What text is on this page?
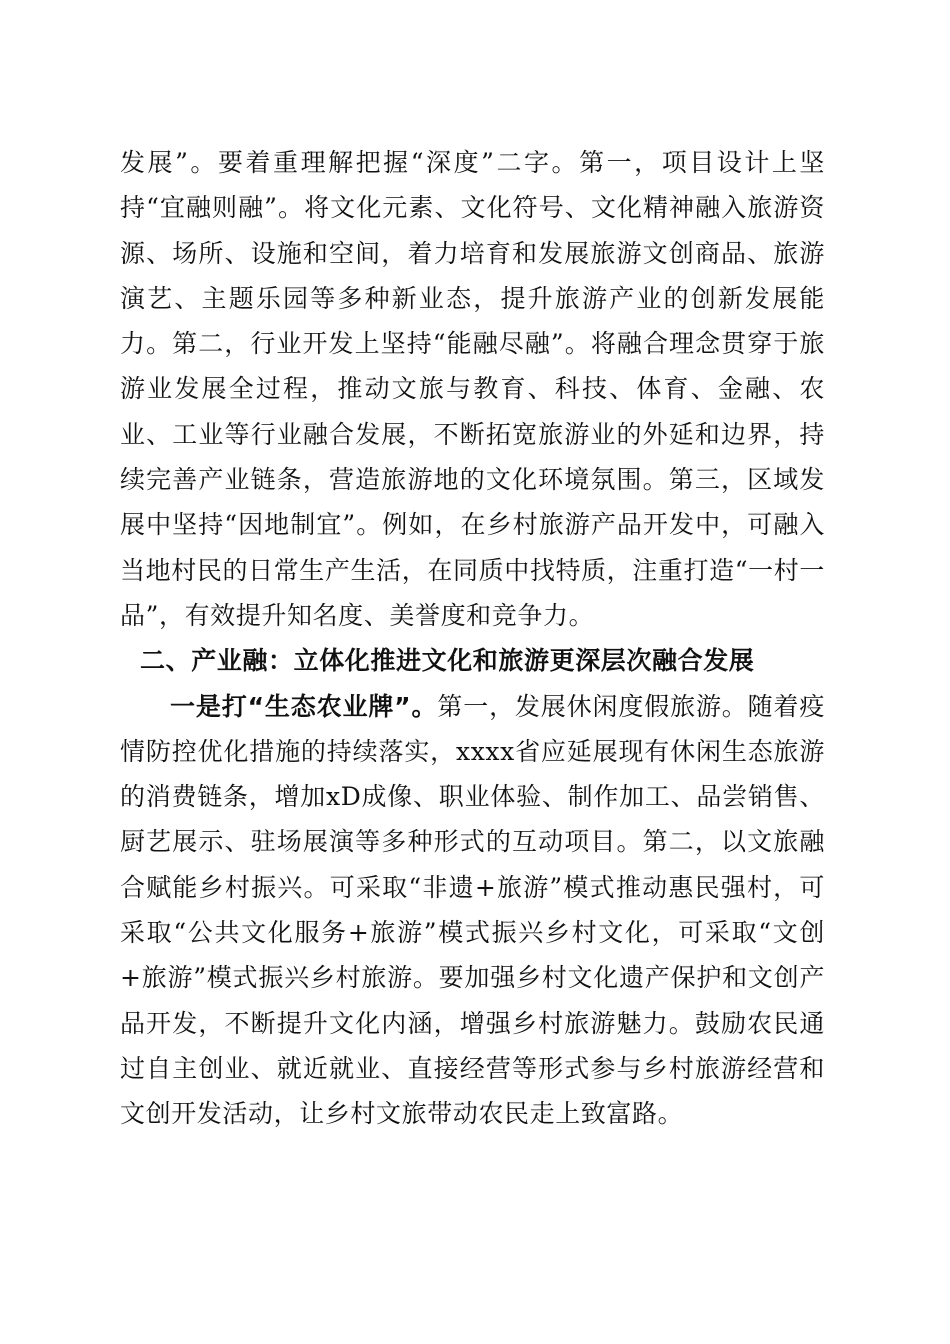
发展”。要着重理解把握“深度”二字。第一，项目设计上坚持“宜融则融”。将文化元素、文化符号、文化精神融入旅游资源、场所、设施和空间，着力培育和发展旅游文创商品、旅游演艺、主题乐园等多种新业态，提升旅游产业的创新发展能力。第二，行业开发上坚持“能融尽融”。将融合理念贯穿于旅游业发展全过程，推动文旅与教育、科技、体育、金融、农业、工业等行业融合发展，不断拓宽旅游业的外延和边界，持续完善产业链条，营造旅游地的文化环境氛围。第三，区域发展中坚持“因地制宜”。例如，在乡村旅游产品开发中，可融入当地村民的日常生产生活，在同质中找特质，注重打造“一村一品”，有效提升知名度、美誉度和竞争力。

二、产业融：立体化推进文化和旅游更深层次融合发展

一是打“生态农业牌”。第一，发展休闲度假旅游。随着疫情防控优化措施的持续落实，xxxx省应延展现有休闲生态旅游的消费链条，增加xD成像、职业体验、制作加工、品尝销售、厨艺展示、驻场展演等多种形式的互动项目。第二，以文旅融合赋能乡村振兴。可采取“非遗+旅游”模式推动惠民强村，可采取“公共文化服务+旅游”模式振兴乡村文化，可采取“文创+旅游”模式振兴乡村旅游。要加强乡村文化遗产保护和文创产品开发，不断提升文化内涵，增强乡村旅游魅力。鼓励农民通过自主创业、就近就业、直接经营等形式参与乡村旅游经营和文创开发活动，让乡村文旅带动农民走上致富路。
